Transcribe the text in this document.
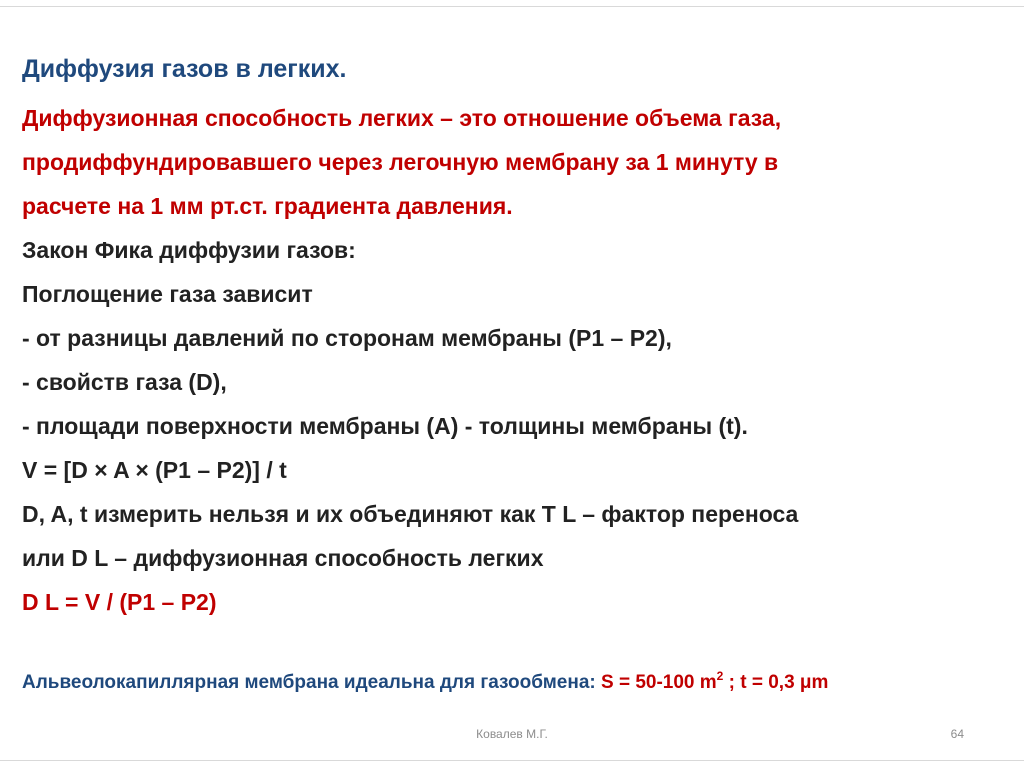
Диффузия газов в легких.
Диффузионная способность легких – это отношение объема газа,
продиффундировавшего через легочную мембрану за 1 минуту в
расчете на 1 мм рт.ст. градиента давления.
Закон Фика диффузии газов:
Поглощение газа зависит
- от разницы давлений по сторонам мембраны (P1 – P2),
- свойств газа (D),
- площади поверхности мембраны (A) - толщины мембраны (t).
V = [D × A × (P1 – P2)] / t
D, A, t измерить нельзя и их объединяют как T L – фактор переноса
или D L – диффузионная способность легких
D L = V / (P1 – P2)
Альвеолокапиллярная мембрана идеальна для газообмена: S = 50-100 $m^2$ ; t = 0,3 μm
Ковалев М.Г.	64
